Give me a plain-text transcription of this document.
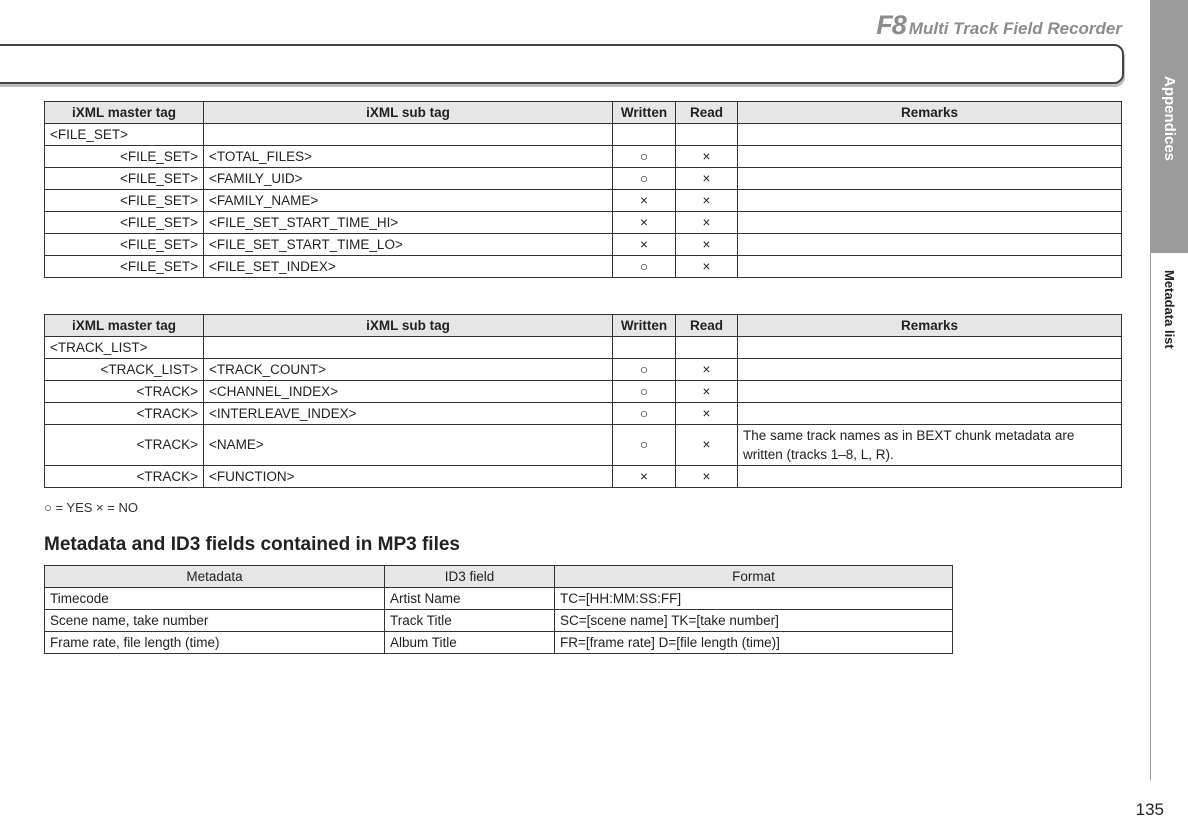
F8 Multi Track Field Recorder
Appendices
Metadata list
iXML master tag	iXML sub tag	Written	Read	Remarks
<FILE_SET>				
<FILE_SET>	<TOTAL_FILES>	○	×	
<FILE_SET>	<FAMILY_UID>	○	×	
<FILE_SET>	<FAMILY_NAME>	×	×	
<FILE_SET>	<FILE_SET_START_TIME_HI>	×	×	
<FILE_SET>	<FILE_SET_START_TIME_LO>	×	×	
<FILE_SET>	<FILE_SET_INDEX>	○	×	
iXML master tag	iXML sub tag	Written	Read	Remarks
<TRACK_LIST>				
<TRACK_LIST>	<TRACK_COUNT>	○	×	
<TRACK>	<CHANNEL_INDEX>	○	×	
<TRACK>	<INTERLEAVE_INDEX>	○	×	
<TRACK>	<NAME>	○	×	The same track names as in BEXT chunk metadata are written (tracks 1–8, L, R).
<TRACK>	<FUNCTION>	×	×	
○ = YES × = NO
Metadata and ID3 fields contained in MP3 files
Metadata	ID3 field	Format
Timecode	Artist Name	TC=[HH:MM:SS:FF]
Scene name, take number	Track Title	SC=[scene name] TK=[take number]
Frame rate, file length (time)	Album Title	FR=[frame rate] D=[file length (time)]
135
